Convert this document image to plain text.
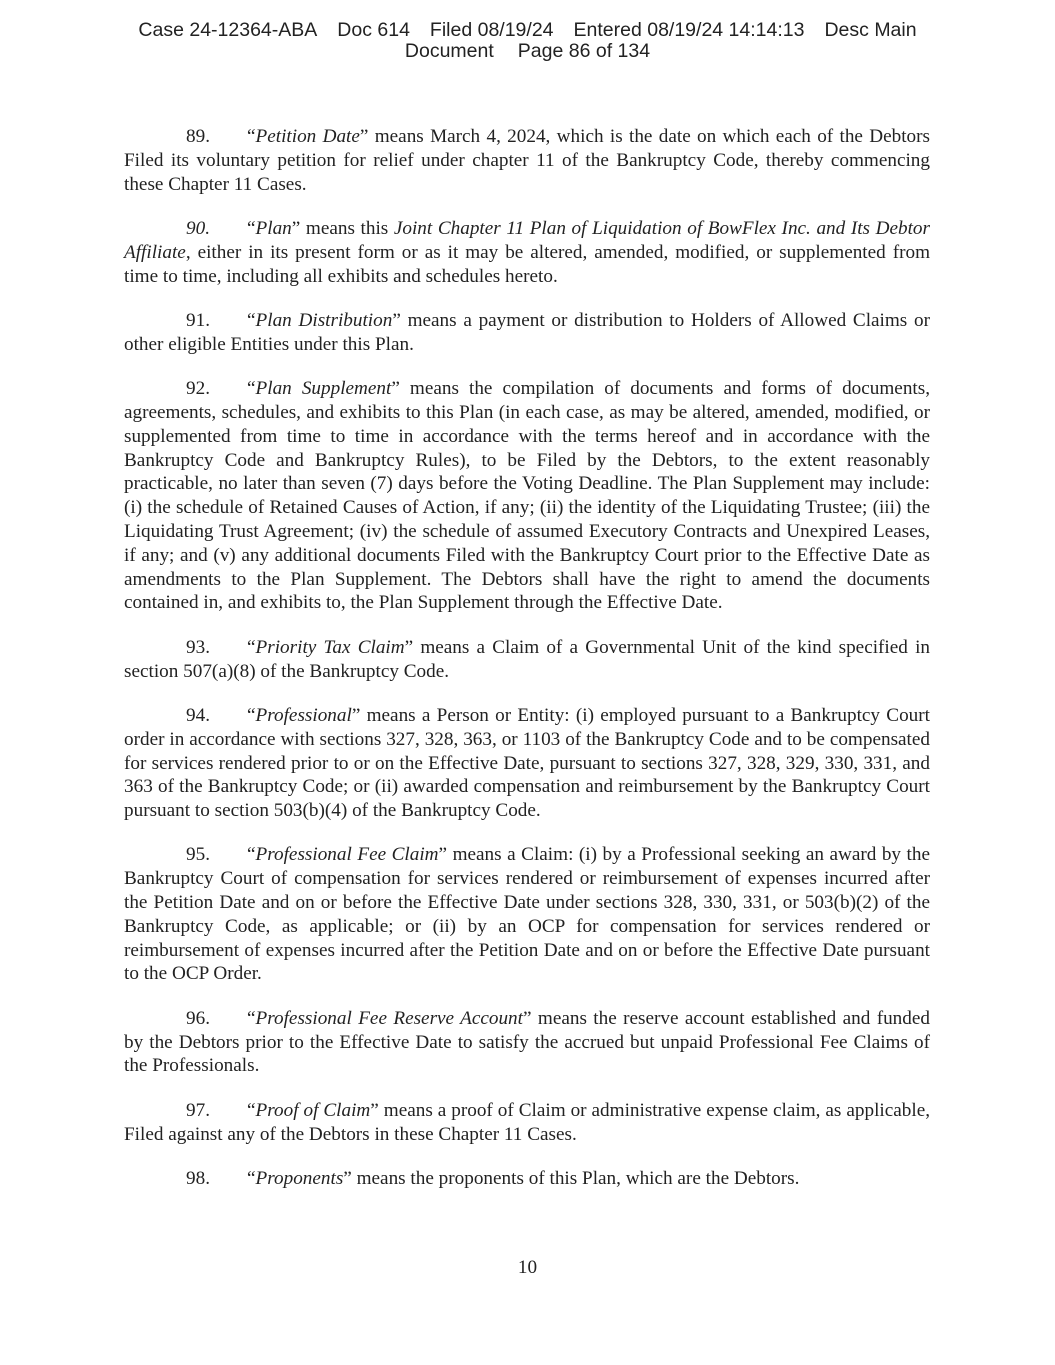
Case 24-12364-ABA Doc 614 Filed 08/19/24 Entered 08/19/24 14:14:13 Desc Main
Document Page 86 of 134

89. “Petition Date” means March 4, 2024, which is the date on which each of the Debtors Filed its voluntary petition for relief under chapter 11 of the Bankruptcy Code, thereby commencing these Chapter 11 Cases.

90. “Plan” means this Joint Chapter 11 Plan of Liquidation of BowFlex Inc. and Its Debtor Affiliate, either in its present form or as it may be altered, amended, modified, or supplemented from time to time, including all exhibits and schedules hereto.

91. “Plan Distribution” means a payment or distribution to Holders of Allowed Claims or other eligible Entities under this Plan.

92. “Plan Supplement” means the compilation of documents and forms of documents, agreements, schedules, and exhibits to this Plan (in each case, as may be altered, amended, modified, or supplemented from time to time in accordance with the terms hereof and in accordance with the Bankruptcy Code and Bankruptcy Rules), to be Filed by the Debtors, to the extent reasonably practicable, no later than seven (7) days before the Voting Deadline. The Plan Supplement may include: (i) the schedule of Retained Causes of Action, if any; (ii) the identity of the Liquidating Trustee; (iii) the Liquidating Trust Agreement; (iv) the schedule of assumed Executory Contracts and Unexpired Leases, if any; and (v) any additional documents Filed with the Bankruptcy Court prior to the Effective Date as amendments to the Plan Supplement. The Debtors shall have the right to amend the documents contained in, and exhibits to, the Plan Supplement through the Effective Date.

93. “Priority Tax Claim” means a Claim of a Governmental Unit of the kind specified in section 507(a)(8) of the Bankruptcy Code.

94. “Professional” means a Person or Entity: (i) employed pursuant to a Bankruptcy Court order in accordance with sections 327, 328, 363, or 1103 of the Bankruptcy Code and to be compensated for services rendered prior to or on the Effective Date, pursuant to sections 327, 328, 329, 330, 331, and 363 of the Bankruptcy Code; or (ii) awarded compensation and reimbursement by the Bankruptcy Court pursuant to section 503(b)(4) of the Bankruptcy Code.

95. “Professional Fee Claim” means a Claim: (i) by a Professional seeking an award by the Bankruptcy Court of compensation for services rendered or reimbursement of expenses incurred after the Petition Date and on or before the Effective Date under sections 328, 330, 331, or 503(b)(2) of the Bankruptcy Code, as applicable; or (ii) by an OCP for compensation for services rendered or reimbursement of expenses incurred after the Petition Date and on or before the Effective Date pursuant to the OCP Order.

96. “Professional Fee Reserve Account” means the reserve account established and funded by the Debtors prior to the Effective Date to satisfy the accrued but unpaid Professional Fee Claims of the Professionals.

97. “Proof of Claim” means a proof of Claim or administrative expense claim, as applicable, Filed against any of the Debtors in these Chapter 11 Cases.

98. “Proponents” means the proponents of this Plan, which are the Debtors.

10
